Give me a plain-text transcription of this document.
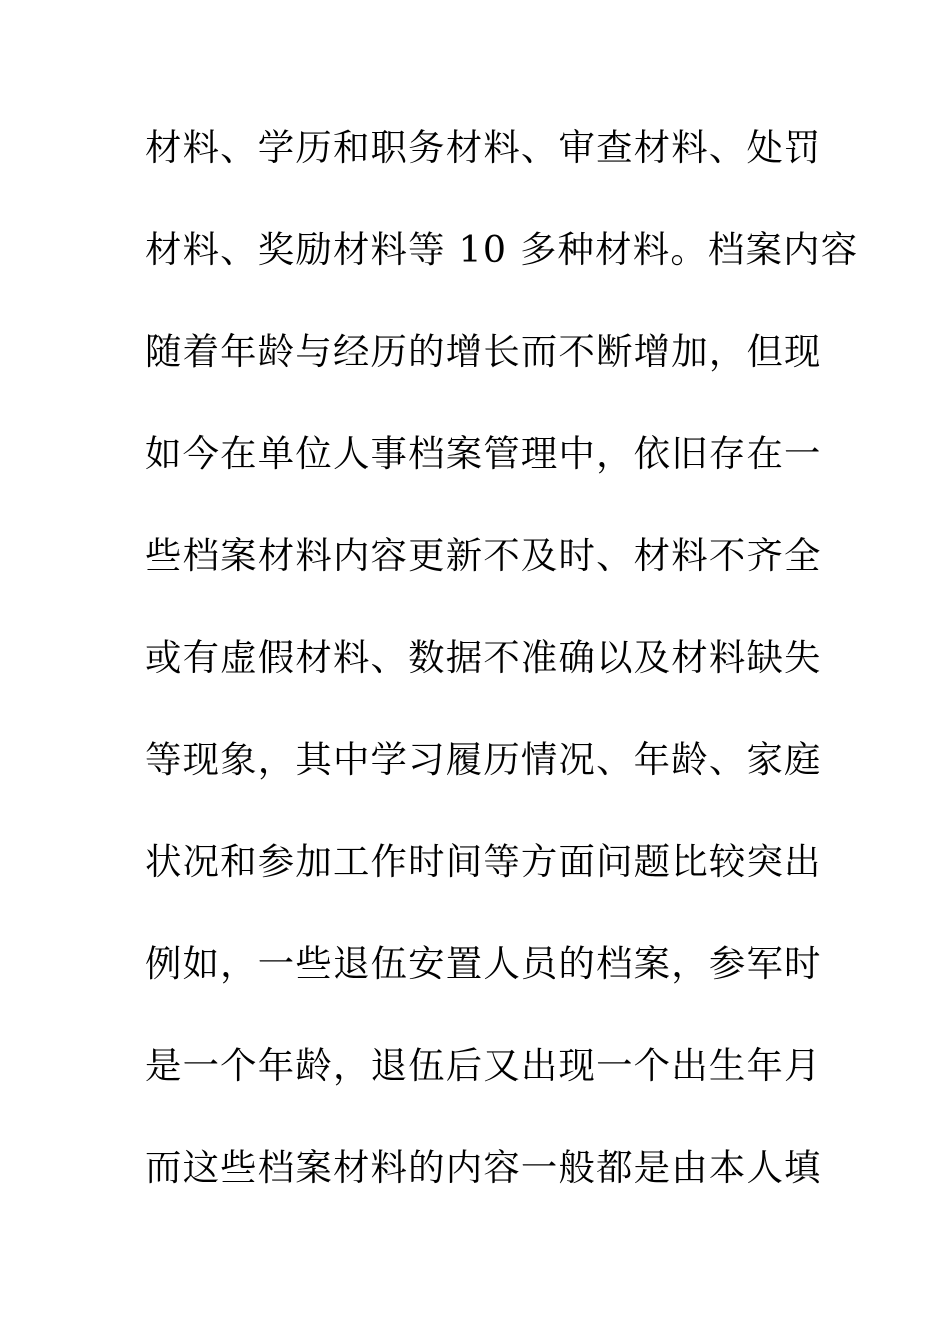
材料、学历和职务材料、审查材料、处罚
材料、奖励材料等 10 多种材料。档案内容
随着年龄与经历的增长而不断增加，但现
如今在单位人事档案管理中，依旧存在一
些档案材料内容更新不及时、材料不齐全
或有虚假材料、数据不准确以及材料缺失
等现象，其中学习履历情况、年龄、家庭
状况和参加工作时间等方面问题比较突出
例如，一些退伍安置人员的档案，参军时
是一个年龄，退伍后又出现一个出生年月
而这些档案材料的内容一般都是由本人填
